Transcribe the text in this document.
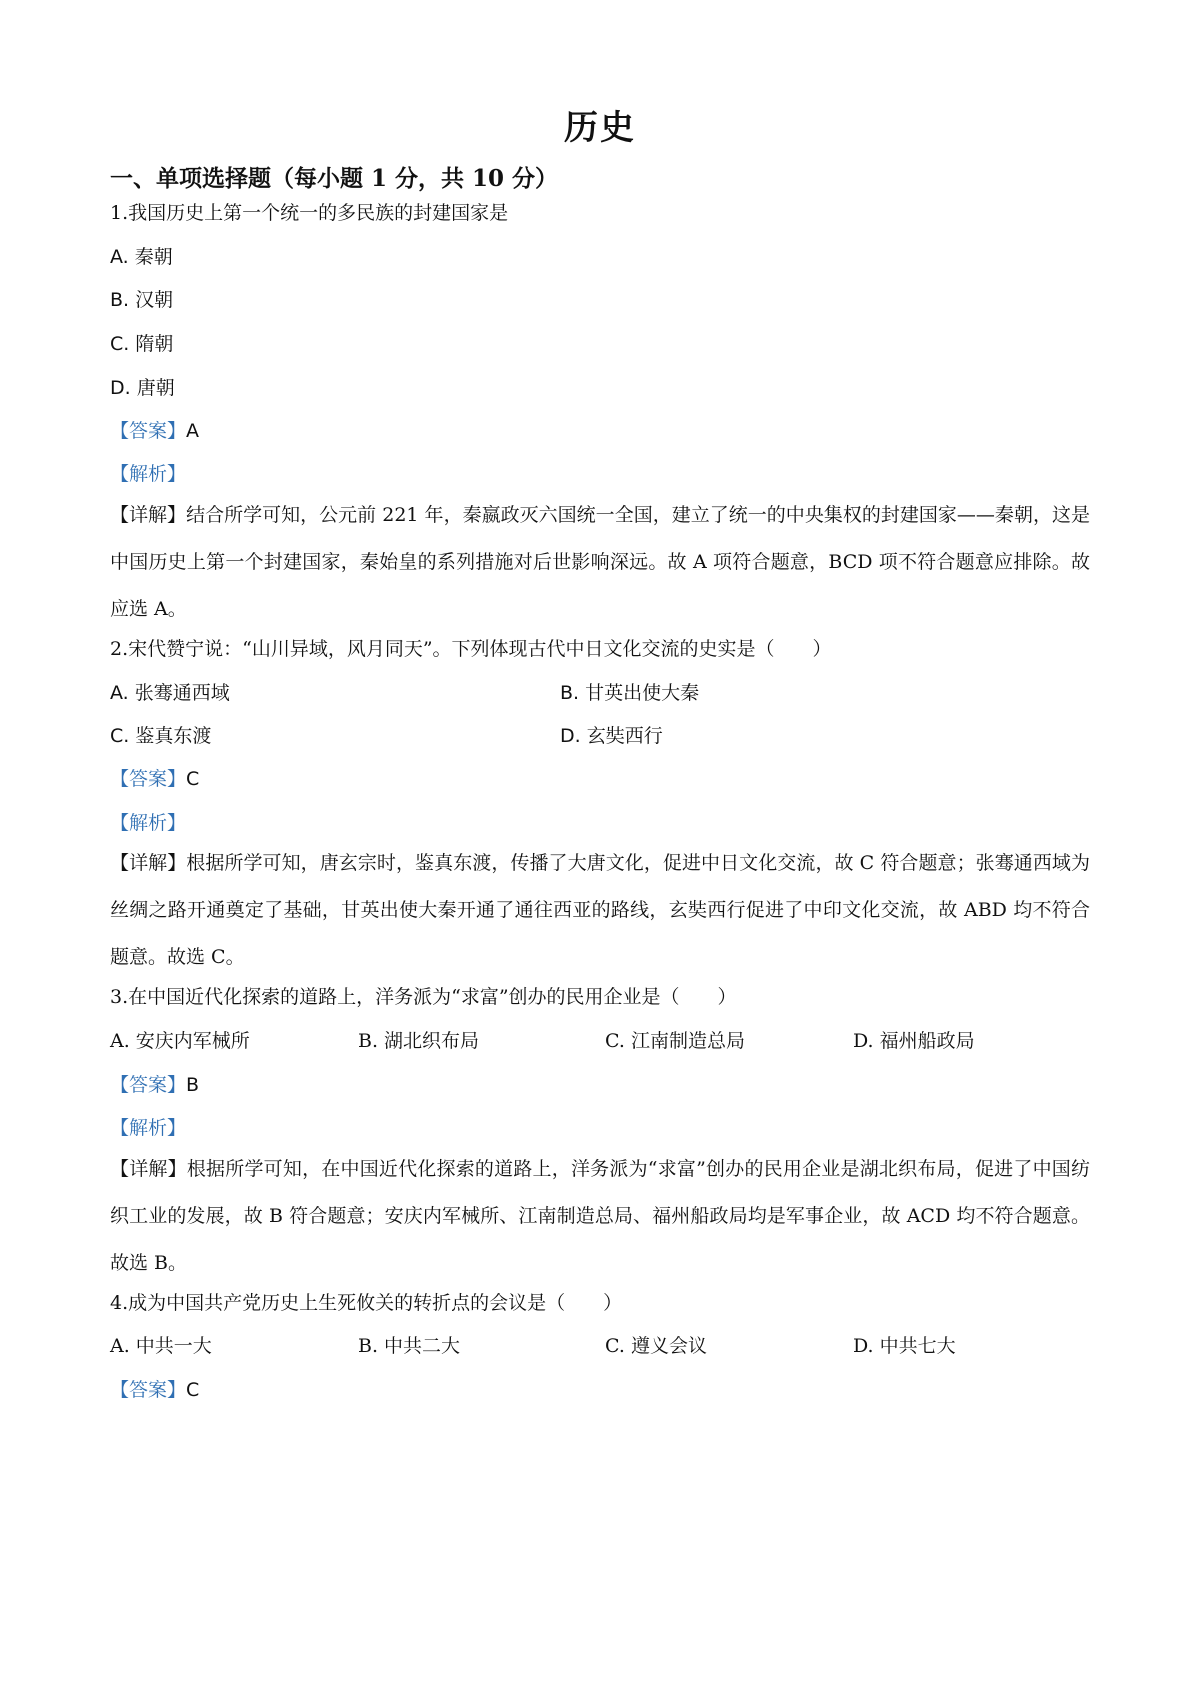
历史
一、单项选择题（每小题 1 分，共 10 分）
1.我国历史上第一个统一的多民族的封建国家是
A. 秦朝
B. 汉朝
C. 隋朝
D. 唐朝
【答案】A
【解析】
【详解】结合所学可知，公元前 221 年，秦嬴政灭六国统一全国，建立了统一的中央集权的封建国家——秦朝，这是中国历史上第一个封建国家，秦始皇的系列措施对后世影响深远。故 A 项符合题意，BCD 项不符合题意应排除。故应选 A。
2.宋代赞宁说：“山川异域，风月同天”。下列体现古代中日文化交流的史实是（　　）
A. 张骞通西域	B. 甘英出使大秦
C. 鉴真东渡	D. 玄奘西行
【答案】C
【解析】
【详解】根据所学可知，唐玄宗时，鉴真东渡，传播了大唐文化，促进中日文化交流，故 C 符合题意；张骞通西域为丝绸之路开通奠定了基础，甘英出使大秦开通了通往西亚的路线，玄奘西行促进了中印文化交流，故 ABD 均不符合题意。故选 C。
3.在中国近代化探索的道路上，洋务派为“求富”创办的民用企业是（　　）
A. 安庆内军械所	B. 湖北织布局	C. 江南制造总局	D. 福州船政局
【答案】B
【解析】
【详解】根据所学可知，在中国近代化探索的道路上，洋务派为“求富”创办的民用企业是湖北织布局，促进了中国纺织工业的发展，故 B 符合题意；安庆内军械所、江南制造总局、福州船政局均是军事企业，故 ACD 均不符合题意。故选 B。
4.成为中国共产党历史上生死攸关的转折点的会议是（　　）
A. 中共一大	B. 中共二大	C. 遵义会议	D. 中共七大
【答案】C
